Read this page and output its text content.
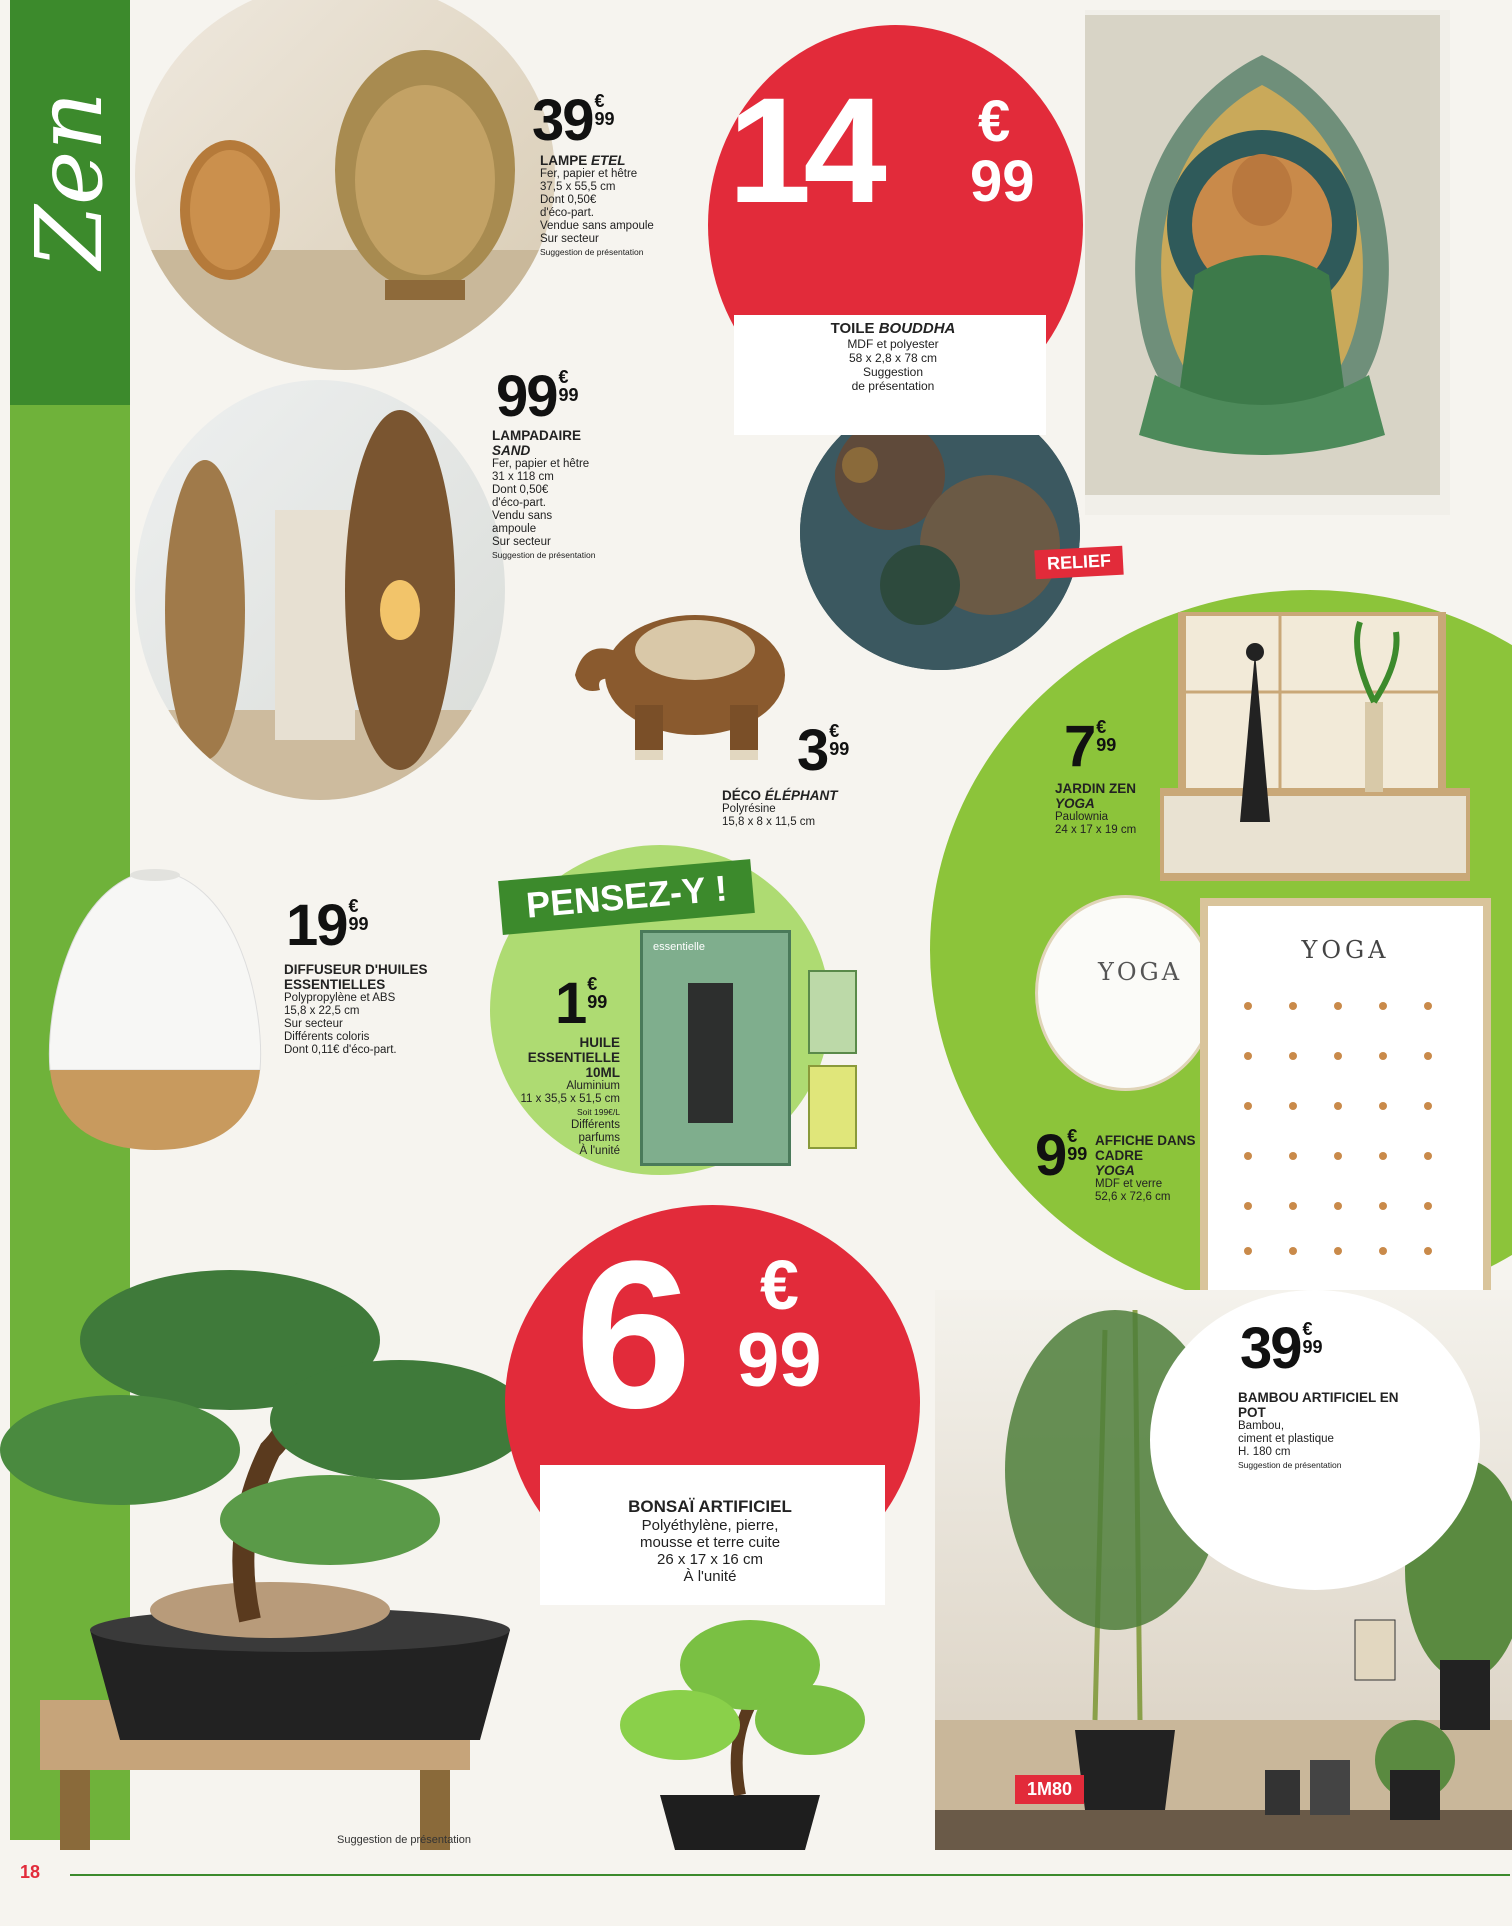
Zen	39 €
99
LAMPE ETEL
Fer, papier et hêtre
37,5 x 55,5 cm
Dont 0,50€
d'éco-part.
Vendue sans ampoule
Sur secteur
Suggestion de présentation
99 €
99
LAMPADAIRE
SAND
Fer, papier et hêtre
31 x 118 cm
Dont 0,50€
d'éco-part.
Vendu sans
ampoule
Sur secteur
Suggestion de présentation	RELIEF
14 €
99
TOILE BOUDDHA
MDF et polyester
58 x 2,8 x 78 cm
Suggestion
de présentation
3 €
99
DÉCO ÉLÉPHANT
Polyrésine
15,8 x 8 x 11,5 cm
7 €
99
JARDIN ZEN
YOGA
Paulownia
24 x 17 x 19 cm
19 €
99
DIFFUSEUR D'HUILES ESSENTIELLES
Polypropylène et ABS
15,8 x 22,5 cm
Sur secteur
Différents coloris
Dont 0,11€ d'éco-part.
PENSEZ-Y !
essentielle
1 €
99
HUILE ESSENTIELLE 10ML
Aluminium
11 x 35,5 x 51,5 cm
Soit 199€/L
Différents
parfums
À l'unité
YOGA
YOGA
9 €
99
AFFICHE DANS CADRE
YOGA
MDF et verre
52,6 x 72,6 cm
6 €
99
BONSAÏ ARTIFICIEL
Polyéthylène, pierre,
mousse et terre cuite
26 x 17 x 16 cm
À l'unité
39 €
99
BAMBOU ARTIFICIEL EN POT
Bambou,
ciment et plastique
H. 180 cm
Suggestion de présentation
1M80
Suggestion de présentation
18
